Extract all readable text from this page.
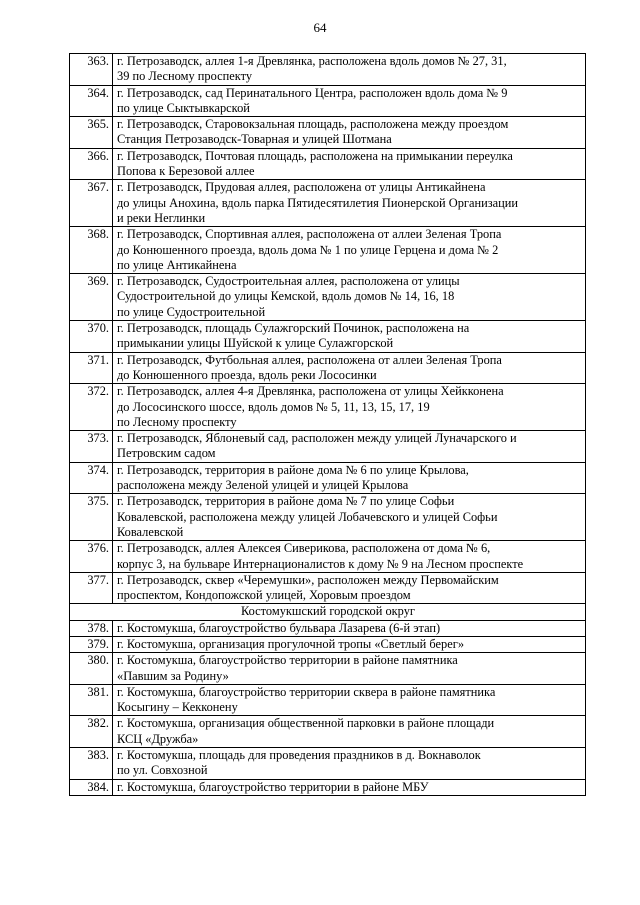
64
363.	г. Петрозаводск, аллея 1-я Древлянка, расположена вдоль домов № 27, 31,
39 по Лесному проспекту

364.	г. Петрозаводск, сад Перинатального Центра, расположен вдоль дома № 9
по улице Сыктывкарской

365.	г. Петрозаводск, Старовокзальная площадь, расположена между проездом
Станция Петрозаводск-Товарная и улицей Шотмана

366.	г. Петрозаводск, Почтовая площадь, расположена на примыкании переулка
Попова к Березовой аллее

367.	г. Петрозаводск, Прудовая аллея, расположена от улицы Антикайнена
до улицы Анохина, вдоль парка Пятидесятилетия Пионерской Организации
и реки Неглинки

368.	г. Петрозаводск, Спортивная аллея, расположена от аллеи Зеленая Тропа
до Конюшенного проезда, вдоль дома № 1 по улице Герцена и дома № 2
по улице Антикайнена

369.	г. Петрозаводск, Судостроительная аллея, расположена от улицы
Судостроительной до улицы Кемской, вдоль домов № 14, 16, 18
по улице Судостроительной

370.	г. Петрозаводск, площадь Сулажгорский Починок, расположена на
примыкании улицы Шуйской к улице Сулажгорской

371.	г. Петрозаводск, Футбольная аллея, расположена от аллеи Зеленая Тропа
до Конюшенного проезда, вдоль реки Лососинки

372.	г. Петрозаводск, аллея 4-я Древлянка, расположена от улицы Хейкконена
до Лососинского шоссе, вдоль домов № 5, 11, 13, 15, 17, 19
по Лесному проспекту

373.	г. Петрозаводск, Яблоневый сад, расположен между улицей Луначарского и
Петровским садом

374.	г. Петрозаводск, территория в районе дома № 6 по улице Крылова,
расположена между Зеленой улицей и улицей Крылова

375.	г. Петрозаводск, территория в районе дома № 7 по улице Софьи
Ковалевской, расположена между улицей Лобачевского и улицей Софьи
Ковалевской

376.	г. Петрозаводск, аллея Алексея Сиверикова, расположена от дома № 6,
корпус 3, на бульваре Интернационалистов к дому № 9 на Лесном проспекте

377.	г. Петрозаводск, сквер «Черемушки», расположен между Первомайским
проспектом, Кондопожской улицей, Хоровым проездом

Костомукшский городской округ	
378.	г. Костомукша, благоустройство бульвара Лазарева (6-й этап)

379.	г. Костомукша, организация прогулочной тропы «Светлый берег»

380.	г. Костомукша, благоустройство территории в районе памятника
«Павшим за Родину»

381.	г. Костомукша, благоустройство территории сквера в районе памятника
Косыгину – Кекконену

382.	г. Костомукша, организация общественной парковки в районе площади
КСЦ «Дружба»

383.	г. Костомукша, площадь для проведения праздников в д. Вокнаволок
по ул. Совхозной

384.	г. Костомукша, благоустройство территории в районе МБУ
